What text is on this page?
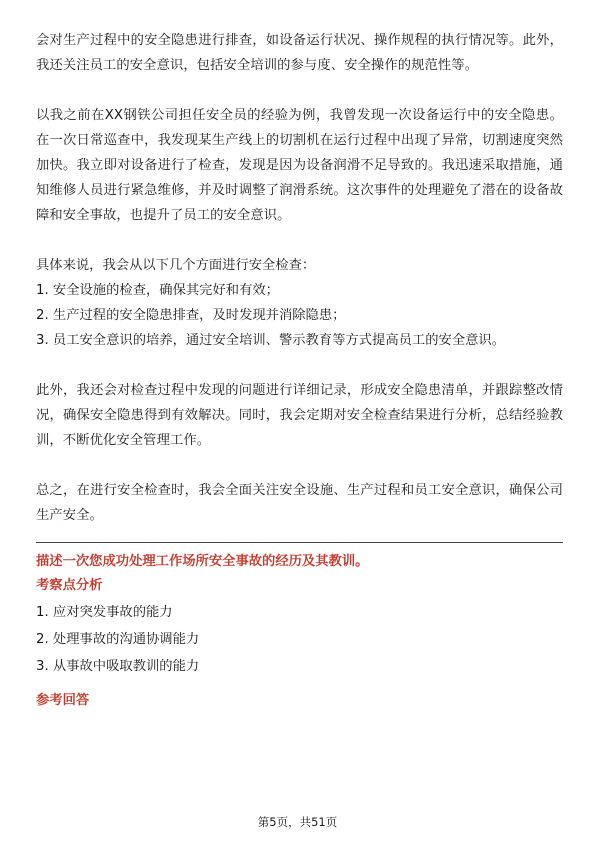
会对生产过程中的安全隐患进行排查，如设备运行状况、操作规程的执行情况等。此外，我还关注员工的安全意识，包括安全培训的参与度、安全操作的规范性等。

以我之前在XX钢铁公司担任安全员的经验为例，我曾发现一次设备运行中的安全隐患。在一次日常巡查中，我发现某生产线上的切割机在运行过程中出现了异常，切割速度突然加快。我立即对设备进行了检查，发现是因为设备润滑不足导致的。我迅速采取措施，通知维修人员进行紧急维修，并及时调整了润滑系统。这次事件的处理避免了潜在的设备故障和安全事故，也提升了员工的安全意识。

具体来说，我会从以下几个方面进行安全检查：

1. 安全设施的检查，确保其完好和有效；

2. 生产过程的安全隐患排查，及时发现并消除隐患；

3. 员工安全意识的培养，通过安全培训、警示教育等方式提高员工的安全意识。

此外，我还会对检查过程中发现的问题进行详细记录，形成安全隐患清单，并跟踪整改情况，确保安全隐患得到有效解决。同时，我会定期对安全检查结果进行分析，总结经验教训，不断优化安全管理工作。

总之，在进行安全检查时，我会全面关注安全设施、生产过程和员工安全意识，确保公司生产安全。

描述一次您成功处理工作场所安全事故的经历及其教训。

考察点分析

1. 应对突发事故的能力

2. 处理事故的沟通协调能力

3. 从事故中吸取教训的能力

参考回答

第5页，共51页
